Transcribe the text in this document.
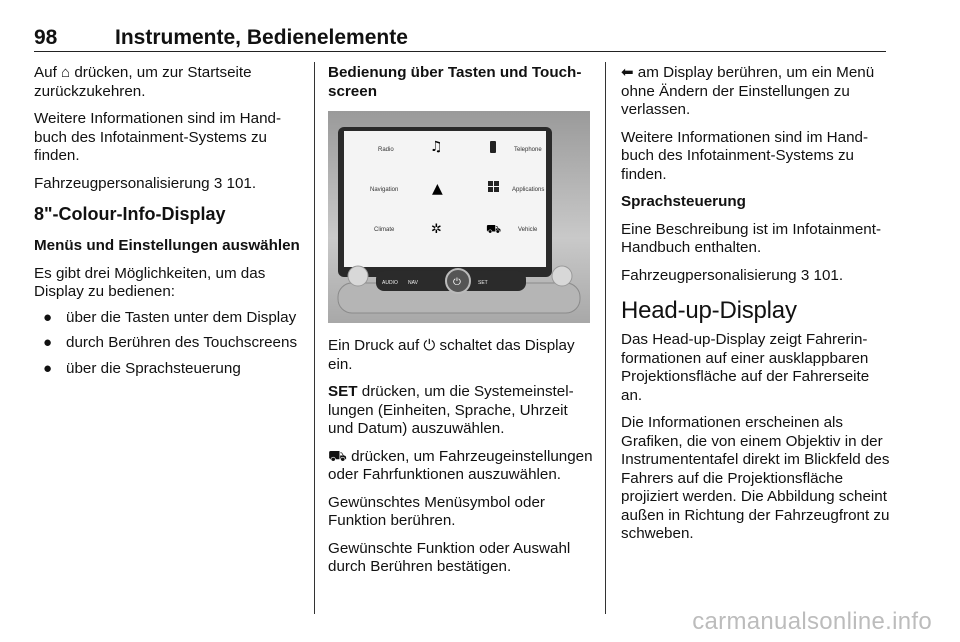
98	Instrumente, Bedienelemente

Auf ⌂ drücken, um zur Startseite zurückzukehren.

Weitere Informationen sind im Handbuch des Infotainment-Systems zu finden.

Fahrzeugpersonalisierung 3 101.

8"-Colour-Info-Display

Menüs und Einstellungen auswählen

Es gibt drei Möglichkeiten, um das Display zu bedienen:

● über die Tasten unter dem Display
● durch Berühren des Touchscreens
● über die Sprachsteuerung

Bedienung über Tasten und Touchscreen

Radio	♫	Telephone
Navigation ▲	Applications
Climate	✲	⛟	Vehicle
AUDIO NAV	⏻	SET

Ein Druck auf ⏻ schaltet das Display ein.

SET drücken, um die Systemeinstellungen (Einheiten, Sprache, Uhrzeit und Datum) auszuwählen.

⛟ drücken, um Fahrzeugeinstellungen oder Fahrfunktionen auszuwählen.

Gewünschtes Menüsymbol oder Funktion berühren.

Gewünschte Funktion oder Auswahl durch Berühren bestätigen.

⬅ am Display berühren, um ein Menü ohne Ändern der Einstellungen zu verlassen.

Weitere Informationen sind im Handbuch des Infotainment-Systems zu finden.

Sprachsteuerung

Eine Beschreibung ist im Infotainment-Handbuch enthalten.

Fahrzeugpersonalisierung 3 101.

Head-up-Display

Das Head-up-Display zeigt Fahrerinformationen auf einer ausklappbaren Projektionsfläche auf der Fahrerseite an.

Die Informationen erscheinen als Grafiken, die von einem Objektiv in der Instrumententafel direkt im Blickfeld des Fahrers auf die Projektionsfläche projiziert werden. Die Abbildung scheint außen in Richtung der Fahrzeugfront zu schweben.

carmanualsonline.info
